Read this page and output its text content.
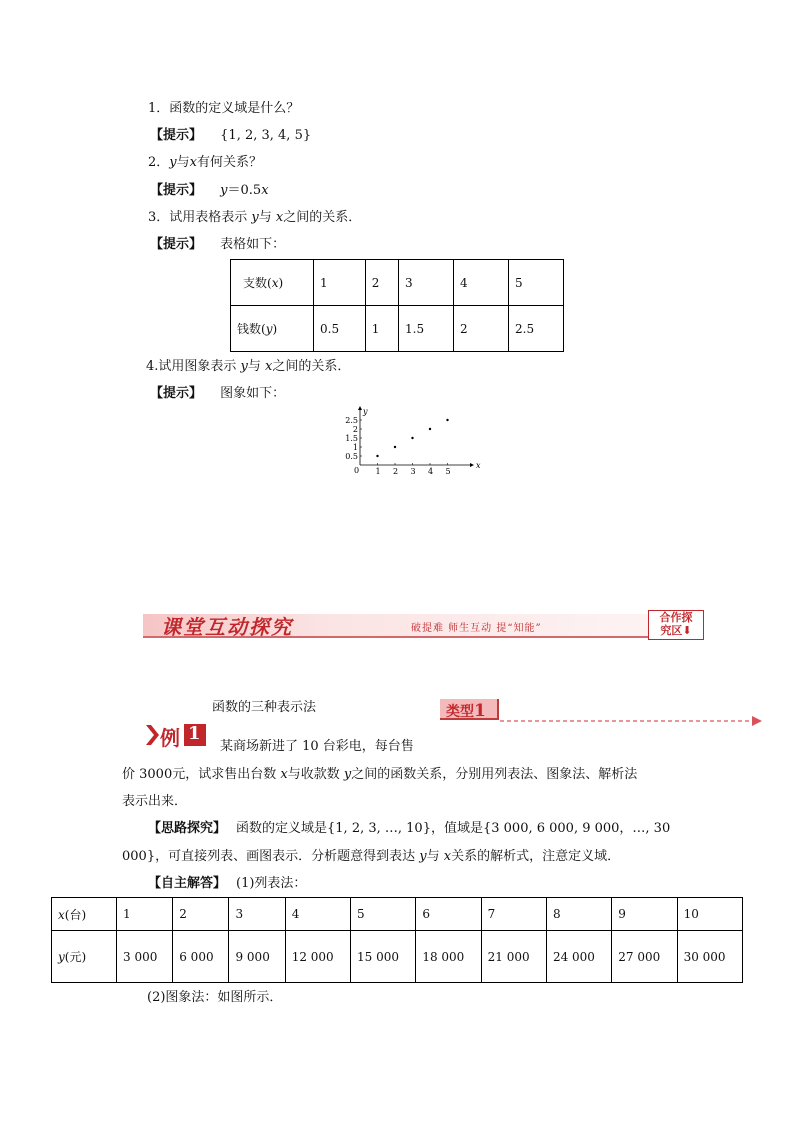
1．函数的定义域是什么？
【提示】 {1, 2, 3, 4, 5}
2．y与x有何关系？
【提示】 y＝0.5x
3．试用表格表示 y与 x之间的关系．
【提示】 表格如下：
支数(x)	1	2	3	4	5
钱数(y)	0.5	1	1.5	2	2.5
4.试用图象表示 y与 x之间的关系．
【提示】 图象如下：
x
y
0 1 2 3 4 5
0.5
1
1.5
2
2.5
课堂互动探究	破提难 师生互动 提“知能”
合作探
究区⬇
函数的三种表示法	类型1
例 1
某商场新进了 10 台彩电，每台售
价 3000元，试求售出台数 x与收款数 y之间的函数关系，分别用列表法、图象法、解析法
表示出来．
【思路探究】 函数的定义域是{1, 2, 3, …, 10}，值域是{3 000, 6 000, 9 000，…, 30
000}，可直接列表、画图表示．分析题意得到表达 y与 x关系的解析式，注意定义域．
【自主解答】 (1)列表法：
x(台)	1	2	3	4	5	6	7	8	9	10
y(元)	3 000	6 000	9 000	12 000	15 000	18 000	21 000	24 000	27 000	30 000
(2)图象法：如图所示．
